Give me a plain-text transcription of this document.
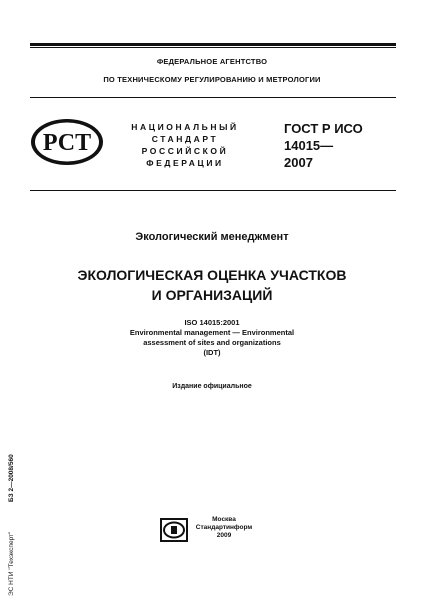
ФЕДЕРАЛЬНОЕ АГЕНТСТВО
ПО ТЕХНИЧЕСКОМУ РЕГУЛИРОВАНИЮ И МЕТРОЛОГИИ
РСТ
НАЦИОНАЛЬНЫЙ
СТАНДАРТ
РОССИЙСКОЙ
ФЕДЕРАЦИИ
ГОСТ Р ИСО
14015—
2007
Экологический менеджмент
ЭКОЛОГИЧЕСКАЯ ОЦЕНКА УЧАСТКОВ
И ОРГАНИЗАЦИЙ
ISO 14015:2001
Environmental management — Environmental
assessment of sites and organizations
(IDT)
Издание официальное
Москва
Стандартинформ
2009
БЗ 2—2008/560
ЭС НТИ "Техэксперт"
